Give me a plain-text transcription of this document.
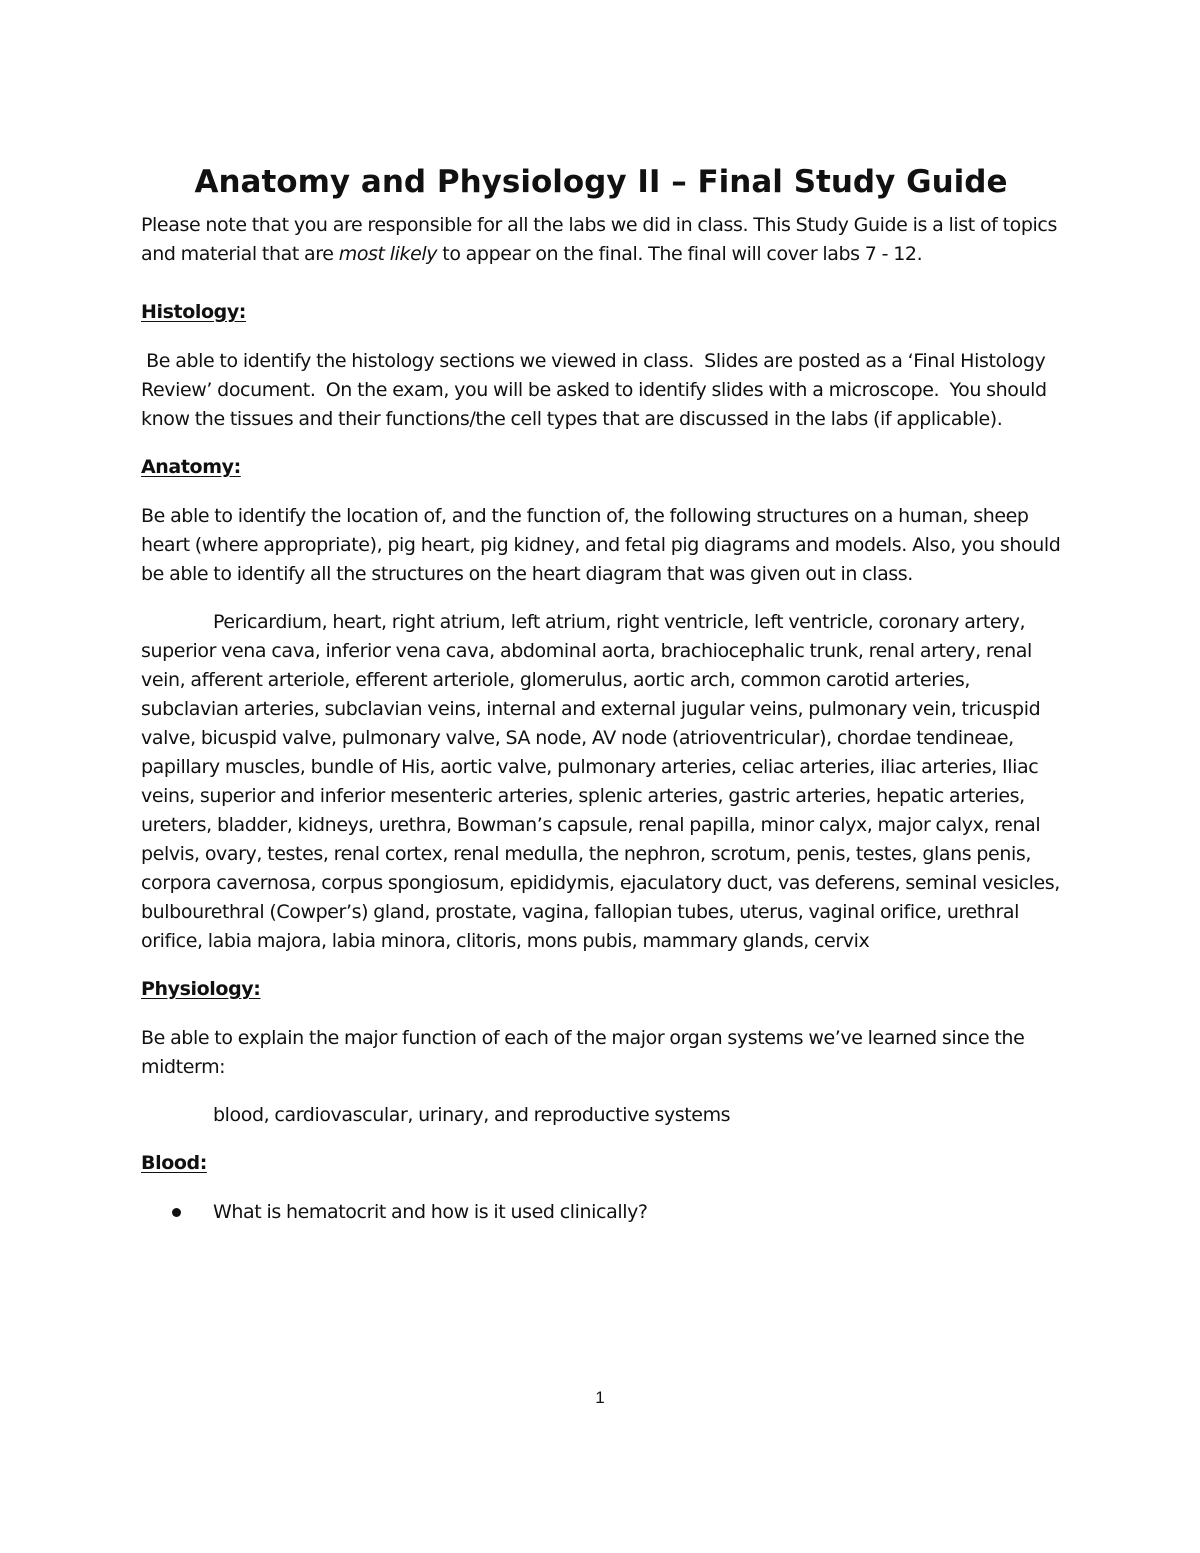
Anatomy and Physiology II – Final Study Guide

Please note that you are responsible for all the labs we did in class. This Study Guide is a list of topics and material that are most likely to appear on the final. The final will cover labs 7 - 12.

Histology:

Be able to identify the histology sections we viewed in class.  Slides are posted as a ‘Final Histology Review’ document.  On the exam, you will be asked to identify slides with a microscope.  You should know the tissues and their functions/the cell types that are discussed in the labs (if applicable).

Anatomy:

Be able to identify the location of, and the function of, the following structures on a human, sheep heart (where appropriate), pig heart, pig kidney, and fetal pig diagrams and models. Also, you should be able to identify all the structures on the heart diagram that was given out in class.

Pericardium, heart, right atrium, left atrium, right ventricle, left ventricle, coronary artery, superior vena cava, inferior vena cava, abdominal aorta, brachiocephalic trunk, renal artery, renal vein, afferent arteriole, efferent arteriole, glomerulus, aortic arch, common carotid arteries, subclavian arteries, subclavian veins, internal and external jugular veins, pulmonary vein, tricuspid valve, bicuspid valve, pulmonary valve, SA node, AV node (atrioventricular), chordae tendineae, papillary muscles, bundle of His, aortic valve, pulmonary arteries, celiac arteries, iliac arteries, Iliac veins, superior and inferior mesenteric arteries, splenic arteries, gastric arteries, hepatic arteries, ureters, bladder, kidneys, urethra, Bowman’s capsule, renal papilla, minor calyx, major calyx, renal pelvis, ovary, testes, renal cortex, renal medulla, the nephron, scrotum, penis, testes, glans penis, corpora cavernosa, corpus spongiosum, epididymis, ejaculatory duct, vas deferens, seminal vesicles, bulbourethral (Cowper’s) gland, prostate, vagina, fallopian tubes, uterus, vaginal orifice, urethral orifice, labia majora, labia minora, clitoris, mons pubis, mammary glands, cervix

Physiology:

Be able to explain the major function of each of the major organ systems we’ve learned since the midterm:

blood, cardiovascular, urinary, and reproductive systems

Blood:

What is hematocrit and how is it used clinically?
1
